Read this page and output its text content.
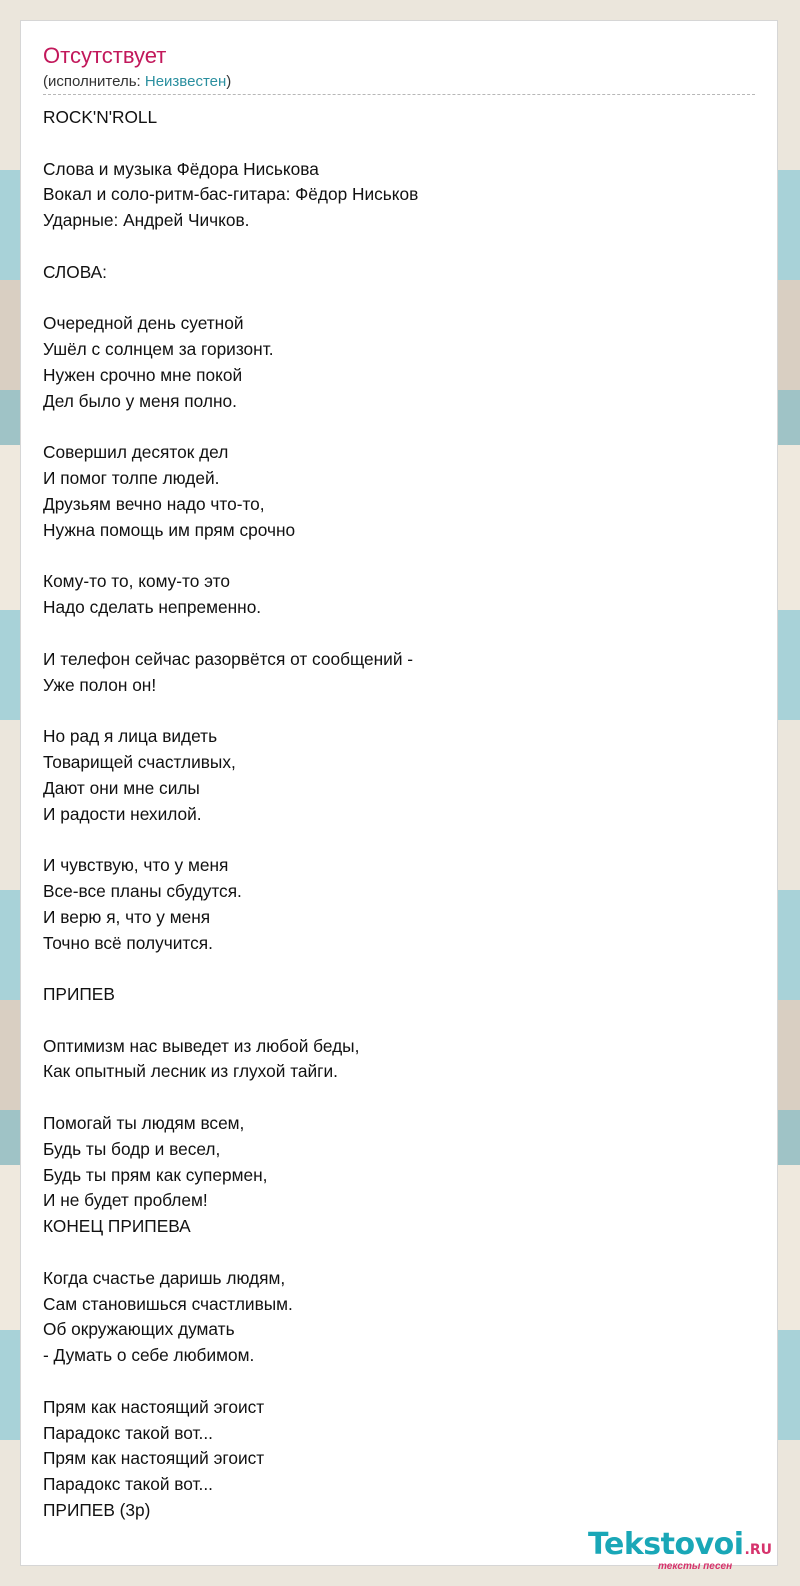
Отсутствует
(исполнитель: Неизвестен)
ROCK'N'ROLL
Слова и музыка Фёдора Ниськова
Вокал и соло-ритм-бас-гитара: Фёдор Ниськов
Ударные: Андрей Чичков.
СЛОВА:
Очередной день суетной
Ушёл с солнцем за горизонт.
Нужен срочно мне покой
Дел было у меня полно.
Совершил десяток дел
И помог толпе людей.
Друзьям вечно надо что-то,
Нужна помощь им прям срочно
Кому-то то, кому-то это
Надо сделать непременно.
И телефон сейчас разорвётся от сообщений -
Уже полон он!
Но рад я лица видеть
Товарищей счастливых,
Дают они мне силы
И радости нехилой.
И чувствую, что у меня
Все-все планы сбудутся.
И верю я, что у меня
Точно всё получится.
ПРИПЕВ
Оптимизм нас выведет из любой беды,
Как опытный лесник из глухой тайги.
Помогай ты людям всем,
Будь ты бодр и весел,
Будь ты прям как супермен,
И не будет проблем!
КОНЕЦ ПРИПЕВА
Когда счастье даришь людям,
Сам становишься счастливым.
Об окружающих думать
- Думать о себе любимом.
Прям как настоящий эгоист
Парадокс такой вот...
Прям как настоящий эгоист
Парадокс такой вот...
ПРИПЕВ (3р)
Tekstovoi.RU
тексты песен
